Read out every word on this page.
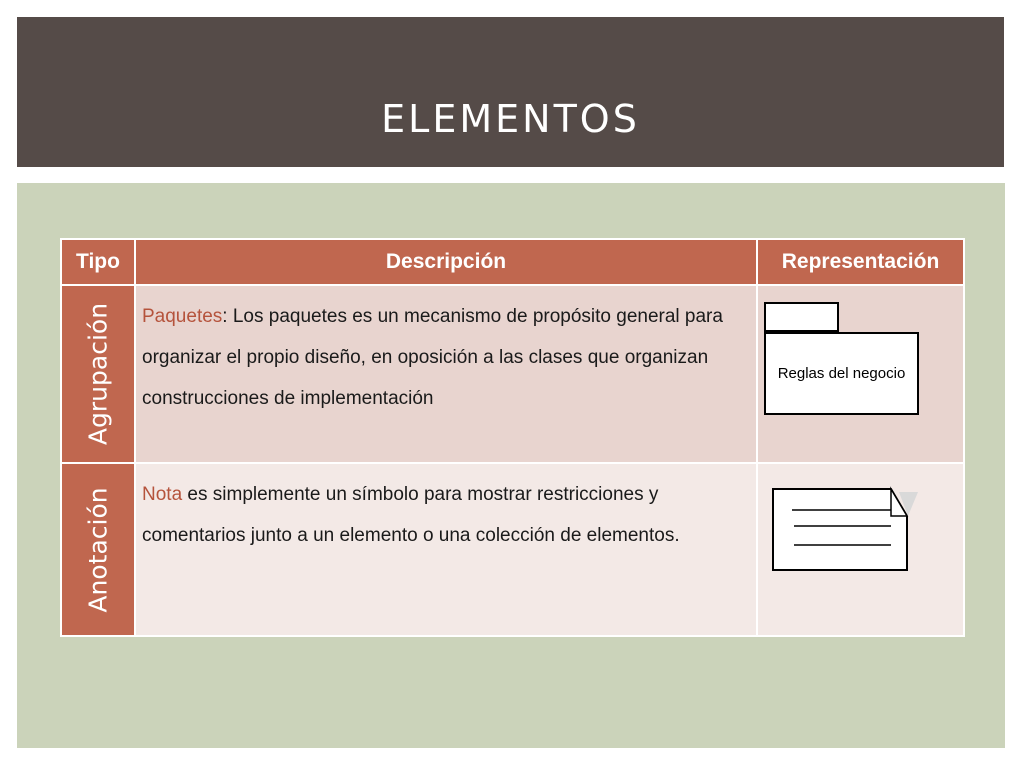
ELEMENTOS
Tipo	Descripción	Representación

Agrupación	Paquetes: Los paquetes es un mecanismo de propósito general para organizar el propio diseño, en oposición a las clases que organizan construcciones de implementación	Reglas del negocio

Anotación	Nota es simplemente un símbolo para mostrar restricciones y comentarios junto a un elemento o una colección de elementos.	
